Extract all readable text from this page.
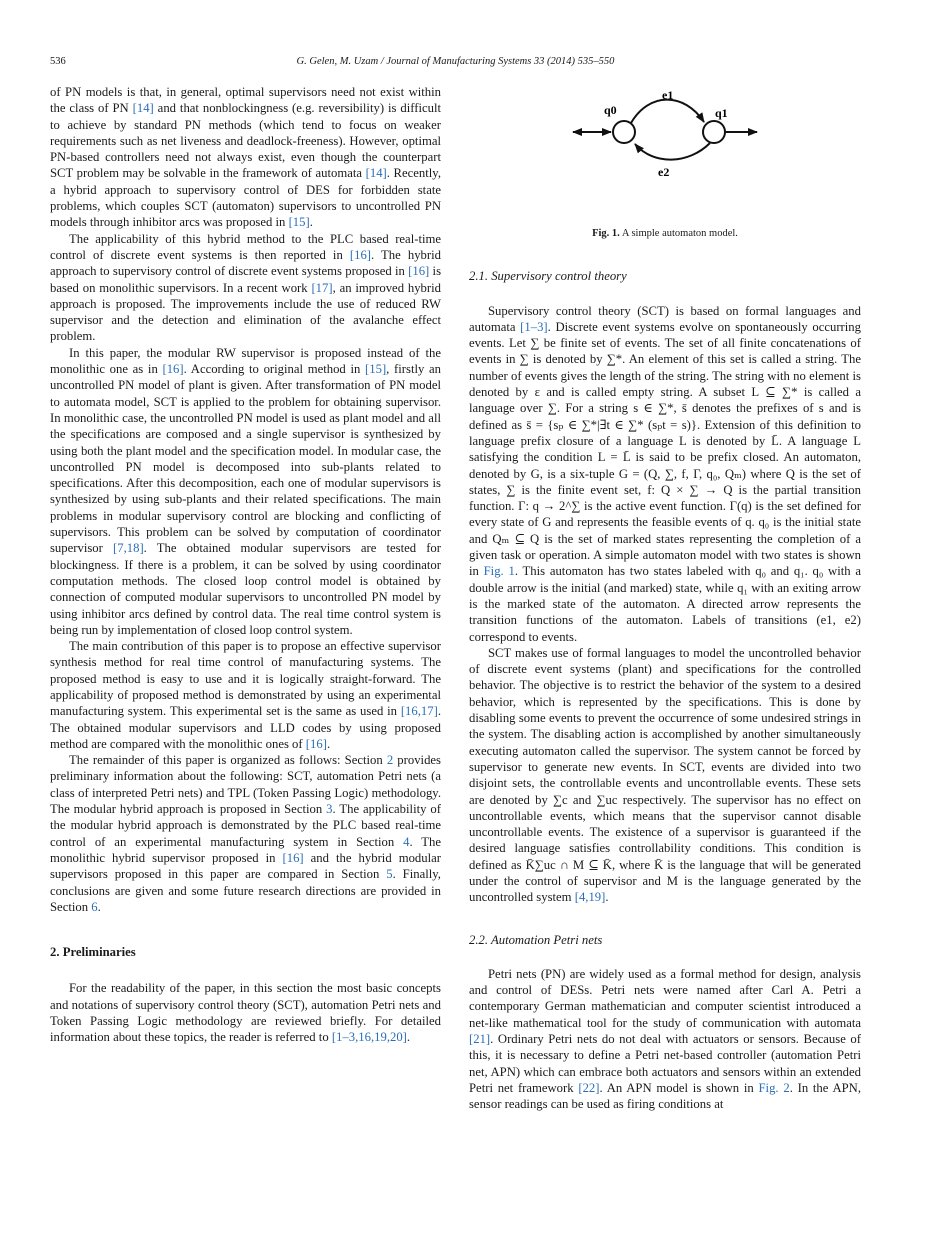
536	G. Gelen, M. Uzam / Journal of Manufacturing Systems 33 (2014) 535–550

of PN models is that, in general, optimal supervisors need not exist within the class of PN [14] and that nonblockingness (e.g. reversibility) is difficult to achieve by standard PN methods (which tend to focus on weaker requirements such as net liveness and deadlock-freeness). However, optimal PN-based controllers need not always exist, even though the counterpart SCT problem may be solvable in the framework of automata [14]. Recently, a hybrid approach to supervisory control of DES for forbidden state problems, which couples SCT (automaton) supervisors to uncontrolled PN models through inhibitor arcs was proposed in [15].

The applicability of this hybrid method to the PLC based real-time control of discrete event systems is then reported in [16]. The hybrid approach to supervisory control of discrete event systems proposed in [16] is based on monolithic supervisors. In a recent work [17], an improved hybrid approach is proposed. The improvements include the use of reduced RW supervisor and the detection and elimination of the avalanche effect problem.

In this paper, the modular RW supervisor is proposed instead of the monolithic one as in [16]. According to original method in [15], firstly an uncontrolled PN model of plant is given. After transformation of PN model to automata model, SCT is applied to the problem for obtaining supervisor. In monolithic case, the uncontrolled PN model is used as plant model and all the specifications are composed and a single supervisor is synthesized by using both the plant model and the specification model. In modular case, the uncontrolled PN model is decomposed into sub-plants related to specifications. After this decomposition, each one of modular supervisors is synthesized by using sub-plants and their related specifications. The main problems in modular supervisory control are blocking and conflicting of supervisors. This problem can be solved by computation of coordinator supervisor [7,18]. The obtained modular supervisors are tested for blockingness. If there is a problem, it can be solved by using coordinator computation methods. The closed loop control model is obtained by connection of computed modular supervisors to uncontrolled PN model by using inhibitor arcs defined by control data. The real time control system is being run by implementation of closed loop control system.

The main contribution of this paper is to propose an effective supervisor synthesis method for real time control of manufacturing systems. The proposed method is easy to use and it is logically straight-forward. The applicability of proposed method is demonstrated by using an experimental manufacturing system. This experimental set is the same as used in [16,17]. The obtained modular supervisors and LLD codes by using proposed method are compared with the monolithic ones of [16].

The remainder of this paper is organized as follows: Section 2 provides preliminary information about the following: SCT, automation Petri nets (a class of interpreted Petri nets) and TPL (Token Passing Logic) methodology. The modular hybrid approach is proposed in Section 3. The applicability of the modular hybrid approach is demonstrated by the PLC based real-time control of an experimental manufacturing system in Section 4. The monolithic hybrid supervisor proposed in [16] and the hybrid modular supervisors proposed in this paper are compared in Section 5. Finally, conclusions are given and some future research directions are provided in Section 6.

2. Preliminaries

For the readability of the paper, in this section the most basic concepts and notations of supervisory control theory (SCT), automation Petri nets and Token Passing Logic methodology are reviewed briefly. For detailed information about these topics, the reader is referred to [1–3,16,19,20].

q0	q1
e1
e2
Fig. 1. A simple automaton model.
2.1. Supervisory control theory

Supervisory control theory (SCT) is based on formal languages and automata [1–3]. Discrete event systems evolve on spontaneously occurring events. Let ∑ be finite set of events. The set of all finite concatenations of events in ∑ is denoted by ∑*. An element of this set is called a string. The number of events gives the length of the string. The string with no element is denoted by ε and is called empty string. A subset L ⊆ ∑* is called a language over ∑. For a string s ∈ ∑*, s̄ denotes the prefixes of s and is defined as s̄ = {sₚ ∈ ∑*|∃t ∈ ∑* (sₚt = s)}. Extension of this definition to language prefix closure of a language L is denoted by L̄. A language L satisfying the condition L = L̄ is said to be prefix closed. An automaton, denoted by G, is a six-tuple G = (Q, ∑, f, Γ, q₀, Qₘ) where Q is the set of states, ∑ is the finite event set, f: Q × ∑ → Q is the partial transition function. Γ: q → 2^∑ is the active event function. Γ(q) is the set defined for every state of G and represents the feasible events of q. q₀ is the initial state and Qₘ ⊆ Q is the set of marked states representing the completion of a given task or operation. A simple automaton model with two states is shown in Fig. 1. This automaton has two states labeled with q₀ and q₁. q₀ with a double arrow is the initial (and marked) state, while q₁ with an exiting arrow is the marked state of the automaton. A directed arrow represents the transition functions of the automaton. Labels of transitions (e1, e2) correspond to events.

SCT makes use of formal languages to model the uncontrolled behavior of discrete event systems (plant) and specifications for the controlled behavior. The objective is to restrict the behavior of the system to a desired behavior, which is represented by the specifications. This is done by disabling some events to prevent the occurrence of some undesired strings in the system. The disabling action is accomplished by another simultaneously executing automaton called the supervisor. The system cannot be forced by supervisor to generate new events. In SCT, events are divided into two disjoint sets, the controllable events and uncontrollable events. These sets are denoted by ∑c and ∑uc respectively. The supervisor has no effect on uncontrollable events, which means that the supervisor cannot disable uncontrollable events. The existence of a supervisor is guaranteed if the desired language satisfies controllability conditions. This condition is defined as K̄∑uc ∩ M ⊆ K̄, where K̄ is the language that will be generated under the control of supervisor and M is the language generated by the uncontrolled system [4,19].

2.2. Automation Petri nets

Petri nets (PN) are widely used as a formal method for design, analysis and control of DESs. Petri nets were named after Carl A. Petri a contemporary German mathematician and computer scientist introduced a net-like mathematical tool for the study of communication with automata [21]. Ordinary Petri nets do not deal with actuators or sensors. Because of this, it is necessary to define a Petri net-based controller (automation Petri net, APN) which can embrace both actuators and sensors within an extended Petri net framework [22]. An APN model is shown in Fig. 2. In the APN, sensor readings can be used as firing conditions at
